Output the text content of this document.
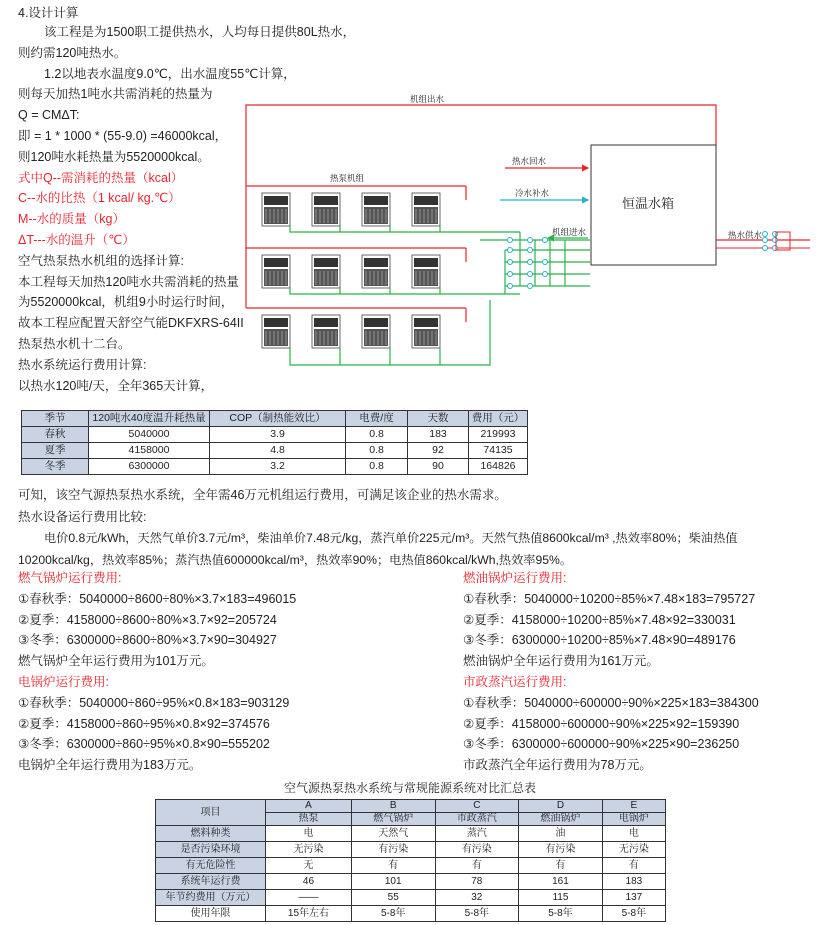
4.设计计算
该工程是为1500职工提供热水，人均每日提供80L热水，
则约需120吨热水。
1.2以地表水温度9.0℃，出水温度55℃计算，
则每天加热1吨水共需消耗的热量为
Q = CMΔT:
即 = 1 * 1000 * (55-9.0) =46000kcal，
则120吨水耗热量为5520000kcal。
式中Q--需消耗的热量（kcal）
C--水的比热（1 kcal/ kg.℃）
M--水的质量（kg）
ΔT---水的温升（℃）
空气热泵热水机组的选择计算:
本工程每天加热120吨水共需消耗的热量
为5520000kcal，机组9小时运行时间，
故本工程应配置天舒空气能DKFXRS-64II
热泵热水机十二台。
热水系统运行费用计算:
以热水120吨/天，全年365天计算，
机组出水
热水回水
热泵机组
冷水补水
恒温水箱
机组进水	热水供水
季节	120吨水40度温升耗热量	COP（制热能效比）	电费/度	天数	费用（元）
春秋	5040000	3.9	0.8	183	219993
夏季	4158000	4.8	0.8	92	74135
冬季	6300000	3.2	0.8	90	164826
可知，该空气源热泵热水系统，全年需46万元机组运行费用，可满足该企业的热水需求。
热水设备运行费用比较:
电价0.8元/kWh，天然气单价3.7元/m³，柴油单价7.48元/kg，蒸汽单价225元/m³。天然气热值8600kcal/m³ ,热效率80%；柴油热值
10200kcal/kg，热效率85%；蒸汽热值600000kcal/m³，热效率90%；电热值860kcal/kWh,热效率95%。
燃气锅炉运行费用:
①春秋季：5040000÷8600÷80%×3.7×183=496015
②夏季：4158000÷8600÷80%×3.7×92=205724
③冬季：6300000÷8600÷80%×3.7×90=304927
燃气锅炉全年运行费用为101万元。
燃油锅炉运行费用:
①春秋季：5040000÷10200÷85%×7.48×183=795727
②夏季：4158000÷10200÷85%×7.48×92=330031
③冬季：6300000÷10200÷85%×7.48×90=489176
燃油锅炉全年运行费用为161万元。
电锅炉运行费用:
①春秋季：5040000÷860÷95%×0.8×183=903129
②夏季：4158000÷860÷95%×0.8×92=374576
③冬季：6300000÷860÷95%×0.8×90=555202
电锅炉全年运行费用为183万元。
市政蒸汽运行费用:
①春秋季：5040000÷600000÷90%×225×183=384300
②夏季：4158000÷600000÷90%×225×92=159390
③冬季：6300000÷600000÷90%×225×90=236250
市政蒸汽全年运行费用为78万元。
空气源热泵热水系统与常规能源系统对比汇总表
项目	A	B	C	D	E
	热泵	燃气锅炉	市政蒸汽	燃油锅炉	电锅炉
燃料种类	电	天然气	蒸汽	油	电
是否污染环境	无污染	有污染	有污染	有污染	无污染
有无危险性	无	有	有	有	有
系统年运行费	46	101	78	161	183
年节约费用（万元）	——	55	32	115	137
使用年限	15年左右	5-8年	5-8年	5-8年	5-8年
